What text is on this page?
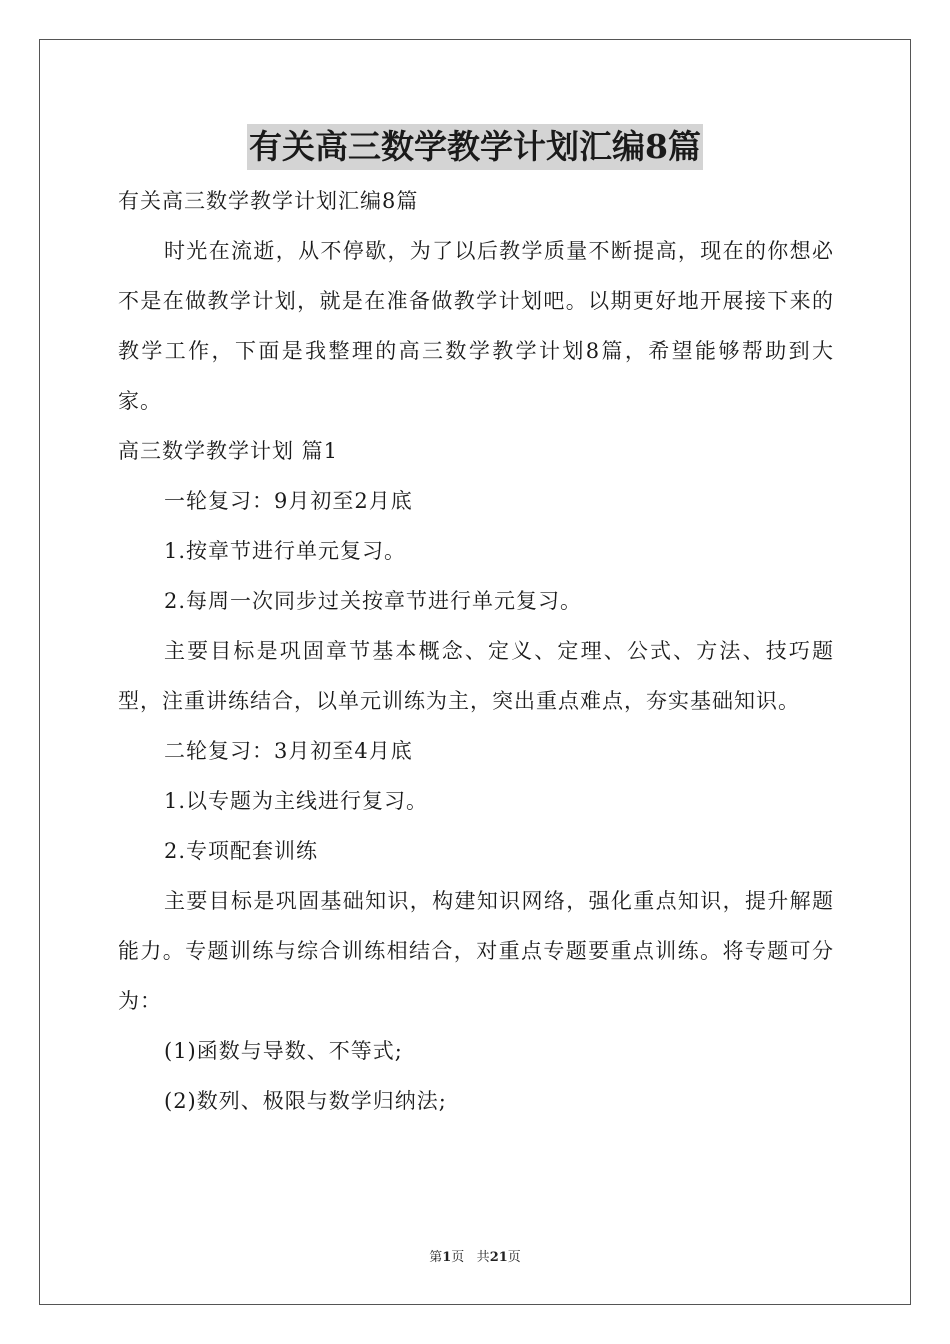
有关高三数学教学计划汇编8篇

有关高三数学教学计划汇编8篇

时光在流逝，从不停歇，为了以后教学质量不断提高，现在的你想必不是在做教学计划，就是在准备做教学计划吧。以期更好地开展接下来的教学工作，下面是我整理的高三数学教学计划8篇，希望能够帮助到大家。

高三数学教学计划 篇1

一轮复习：9月初至2月底

1.按章节进行单元复习。

2.每周一次同步过关按章节进行单元复习。

主要目标是巩固章节基本概念、定义、定理、公式、方法、技巧题型，注重讲练结合，以单元训练为主，突出重点难点，夯实基础知识。

二轮复习：3月初至4月底

1.以专题为主线进行复习。

2.专项配套训练

主要目标是巩固基础知识，构建知识网络，强化重点知识，提升解题能力。专题训练与综合训练相结合，对重点专题要重点训练。将专题可分为：

(1)函数与导数、不等式;

(2)数列、极限与数学归纳法;

第1页 共21页
